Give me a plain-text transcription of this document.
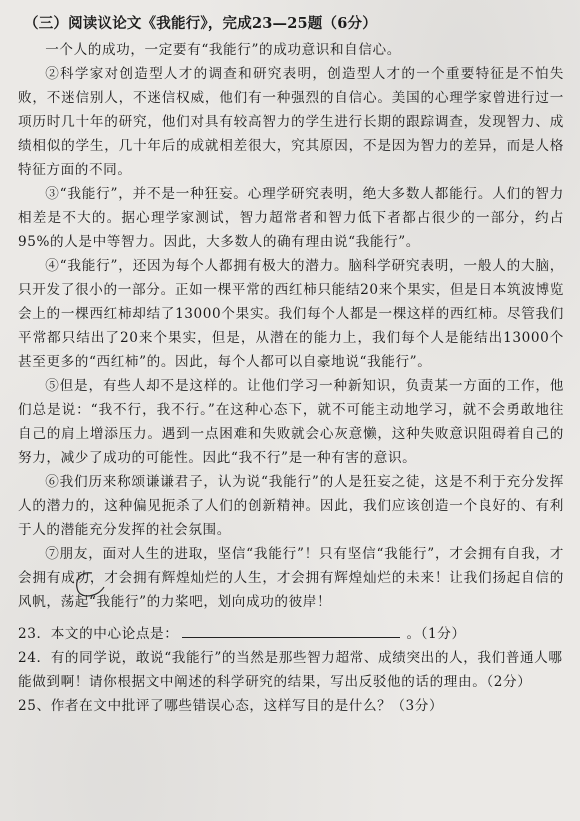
（三）阅读议论文《我能行》，完成23—25题（6分）

一个人的成功，一定要有“我能行”的成功意识和自信心。

②科学家对创造型人才的调查和研究表明，创造型人才的一个重要特征是不怕失败，不迷信别人，不迷信权威，他们有一种强烈的自信心。美国的心理学家曾进行过一项历时几十年的研究，他们对具有较高智力的学生进行长期的跟踪调查，发现智力、成绩相似的学生，几十年后的成就相差很大，究其原因，不是因为智力的差异，而是人格特征方面的不同。

③“我能行”，并不是一种狂妄。心理学研究表明，绝大多数人都能行。人们的智力相差是不大的。据心理学家测试，智力超常者和智力低下者都占很少的一部分，约占95%的人是中等智力。因此，大多数人的确有理由说“我能行”。

④“我能行”，还因为每个人都拥有极大的潜力。脑科学研究表明，一般人的大脑，只开发了很小的一部分。正如一棵平常的西红柿只能结20来个果实，但是日本筑波博览会上的一棵西红柿却结了13000个果实。我们每个人都是一棵这样的西红柿。尽管我们平常都只结出了20来个果实，但是，从潜在的能力上，我们每个人是能结出13000个甚至更多的“西红柿”的。因此，每个人都可以自豪地说“我能行”。

⑤但是，有些人却不是这样的。让他们学习一种新知识，负责某一方面的工作，他们总是说：“我不行，我不行。”在这种心态下，就不可能主动地学习，就不会勇敢地往自己的肩上增添压力。遇到一点困难和失败就会心灰意懒，这种失败意识阻碍着自己的努力，减少了成功的可能性。因此“我不行”是一种有害的意识。

⑥我们历来称颂谦谦君子，认为说“我能行”的人是狂妄之徒，这是不利于充分发挥人的潜力的，这种偏见扼杀了人们的创新精神。因此，我们应该创造一个良好的、有利于人的潜能充分发挥的社会氛围。

⑦朋友，面对人生的进取，坚信“我能行”！只有坚信“我能行”，才会拥有自我，才会拥有成功，才会拥有辉煌灿烂的人生，才会拥有辉煌灿烂的未来！让我们扬起自信的风帆，荡起“我能行”的力桨吧，划向成功的彼岸！

23．本文的中心论点是：	。（1分）

24．有的同学说，敢说“我能行”的当然是那些智力超常、成绩突出的人，我们普通人哪能做到啊！请你根据文中阐述的科学研究的结果，写出反驳他的话的理由。（2分）

25、作者在文中批评了哪些错误心态，这样写目的是什么？（3分）
